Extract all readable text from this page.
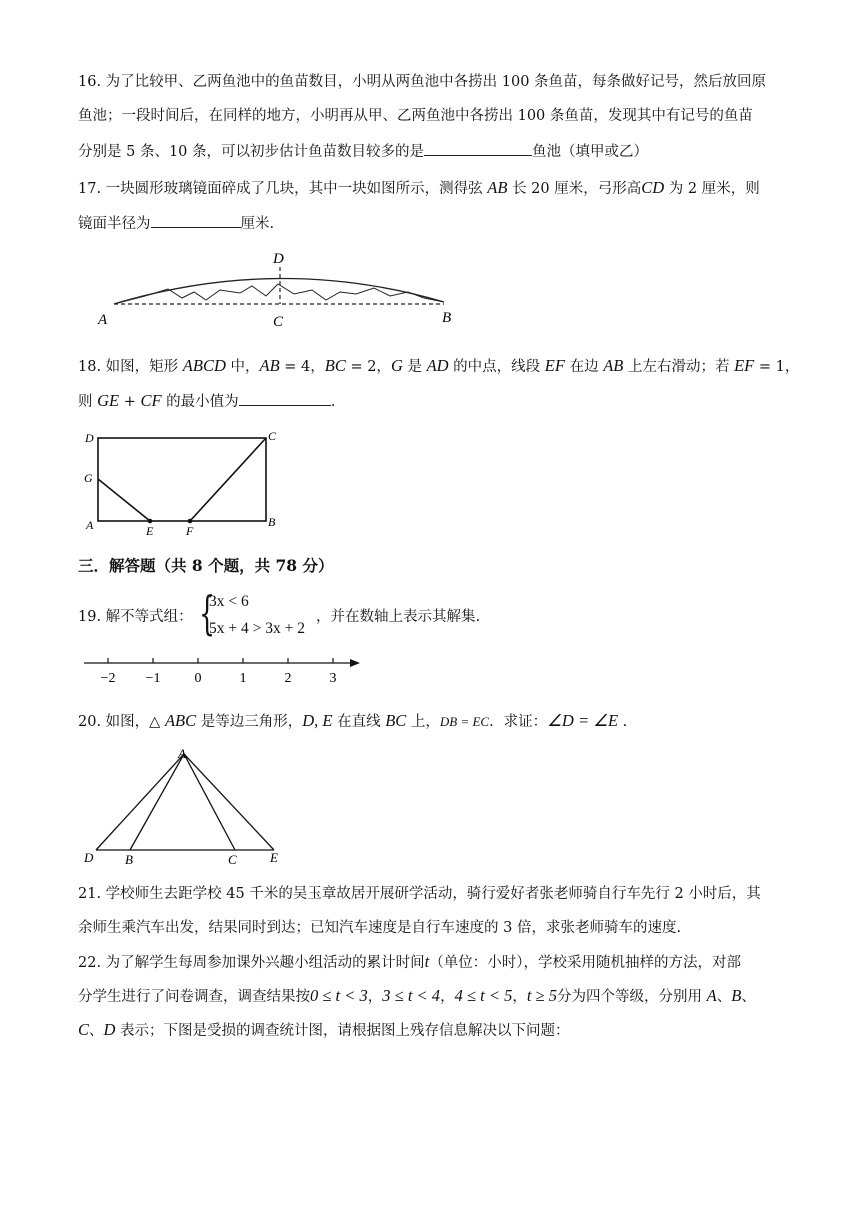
16. 为了比较甲、乙两鱼池中的鱼苗数目，小明从两鱼池中各捞出 100 条鱼苗，每条做好记号，然后放回原
鱼池；一段时间后，在同样的地方，小明再从甲、乙两鱼池中各捞出 100 条鱼苗，发现其中有记号的鱼苗
分别是 5 条、10 条，可以初步估计鱼苗数目较多的是	鱼池（填甲或乙）
17. 一块圆形玻璃镜面碎成了几块，其中一块如图所示，测得弦 AB 长 20 厘米，弓形高CD 为 2 厘米，则
镜面半径为	厘米.
A	B
C
D
18. 如图，矩形 ABCD 中，AB = 4，BC = 2，G 是 AD 的中点，线段 EF 在边 AB 上左右滑动；若 EF = 1，
则 GE + CF 的最小值为	.
D	C
G
A	B
E	F
三．解答题（共 8 个题，共 78 分）
19. 解不等式组： {
3x < 6
5x + 4 > 3x + 2
，并在数轴上表示其解集.
−2 −1 0	1	2	3
20. 如图，△ ABC 是等边三角形，D, E 在直线 BC 上，DB = EC．求证：∠D = ∠E .
A
D B	C	E
21. 学校师生去距学校 45 千米的吴玉章故居开展研学活动，骑行爱好者张老师骑自行车先行 2 小时后，其
余师生乘汽车出发，结果同时到达；已知汽车速度是自行车速度的 3 倍，求张老师骑车的速度.
22. 为了解学生每周参加课外兴趣小组活动的累计时间t（单位：小时），学校采用随机抽样的方法，对部
分学生进行了问卷调查，调查结果按0 ≤ t < 3，3 ≤ t < 4，4 ≤ t < 5，t ≥ 5分为四个等级，分别用 A、B、
C、D 表示；下图是受损的调查统计图，请根据图上残存信息解决以下问题：
